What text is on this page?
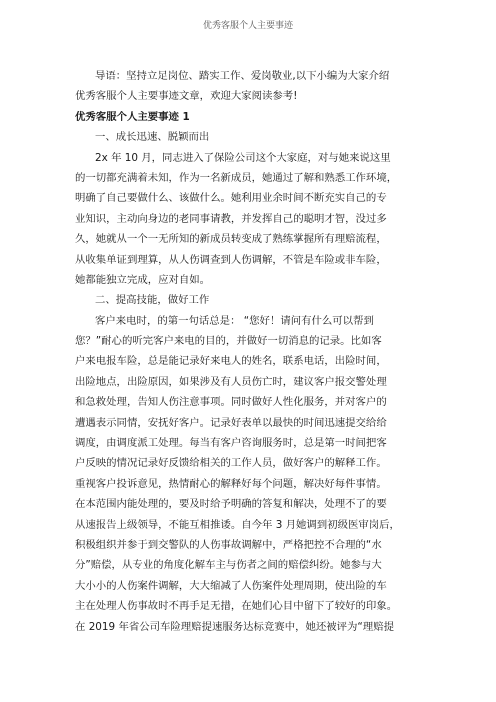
优秀客服个人主要事迹
导语：坚持立足岗位、踏实工作、爱岗敬业,以下小编为大家介绍
优秀客服个人主要事迹文章，欢迎大家阅读参考!
优秀客服个人主要事迹 1
一、成长迅速、脱颖而出
2x 年 10 月，同志进入了保险公司这个大家庭，对与她来说这里
的一切都充满着未知，作为一名新成员，她通过了解和熟悉工作环境，
明确了自己要做什么、该做什么。她利用业余时间不断充实自己的专
业知识，主动向身边的老同事请教，并发挥自己的聪明才智，没过多
久，她就从一个一无所知的新成员转变成了熟练掌握所有理赔流程，
从收集单证到理算，从人伤调查到人伤调解，不管是车险或非车险，
她都能独立完成，应对自如。
二、提高技能，做好工作
客户来电时，的第一句话总是： “您好！请问有什么可以帮到
您？”耐心的听完客户来电的目的，并做好一切消息的记录。比如客
户来电报车险，总是能记录好来电人的姓名，联系电话，出险时间，
出险地点，出险原因，如果涉及有人员伤亡时，建议客户报交警处理
和急救处理，告知人伤注意事项。同时做好人性化服务，并对客户的
遭遇表示同情，安抚好客户。记录好表单以最快的时间迅速提交给给
调度，由调度派工处理。每当有客户咨询服务时，总是第一时间把客
户反映的情况记录好反馈给相关的工作人员，做好客户的解释工作。
重视客户投诉意见，热情耐心的解释好每个问题，解决好每件事情。
在本范围内能处理的，要及时给予明确的答复和解决，处理不了的要
从速报告上级领导，不能互相推诿。自今年 3 月她调到初级医审岗后，
积极组织并参于到交警队的人伤事故调解中，严格把控不合理的“水
分”赔偿，从专业的角度化解车主与伤者之间的赔偿纠纷。她参与大
大小小的人伤案件调解，大大缩减了人伤案件处理周期，使出险的车
主在处理人伤事故时不再手足无措，在她们心目中留下了较好的印象。
在 2019 年省公司车险理赔提速服务达标竞赛中，她还被评为“理赔提
